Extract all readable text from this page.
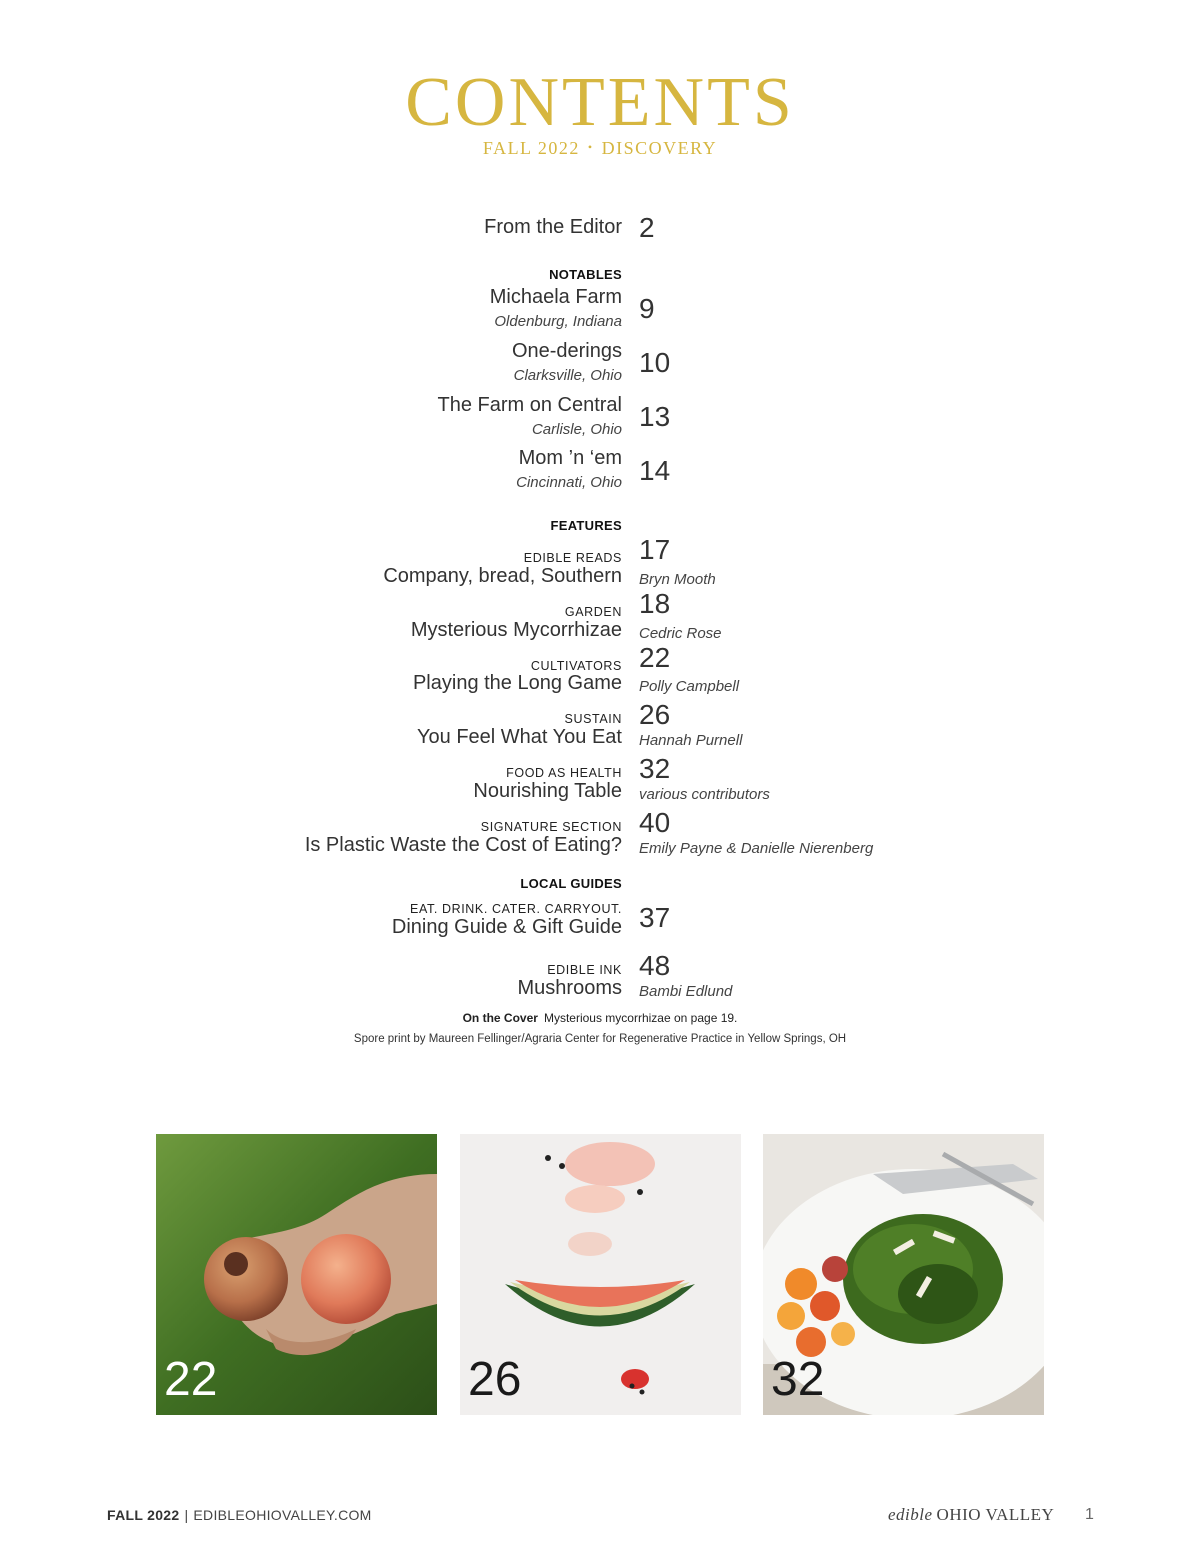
CONTENTS
FALL 2022 • DISCOVERY
From the Editor 2
NOTABLES
Michaela Farm
Oldenburg, Indiana 9
One-derings
Clarksville, Ohio 10
The Farm on Central
Carlisle, Ohio 13
Mom ’n ‘em
Cincinnati, Ohio 14
FEATURES
EDIBLE READS
Company, bread, Southern
17
Bryn Mooth
GARDEN
Mysterious Mycorrhizae
18
Cedric Rose
CULTIVATORS
Playing the Long Game
22
Polly Campbell
SUSTAIN
You Feel What You Eat
26
Hannah Purnell
FOOD AS HEALTH
Nourishing Table
32
various contributors
SIGNATURE SECTION
Is Plastic Waste the Cost of Eating?
40
Emily Payne & Danielle Nierenberg
LOCAL GUIDES
EAT. DRINK. CATER. CARRYOUT.
Dining Guide & Gift Guide 37
EDIBLE INK
Mushrooms
48
Bambi Edlund
On the Cover Mysterious mycorrhizae on page 19.
Spore print by Maureen Fellinger/Agraria Center for Regenerative Practice in Yellow Springs, OH
22	26	32
FALL 2022 | EDIBLEOHIOVALLEY.COM	edible OHIO VALLEY 1
